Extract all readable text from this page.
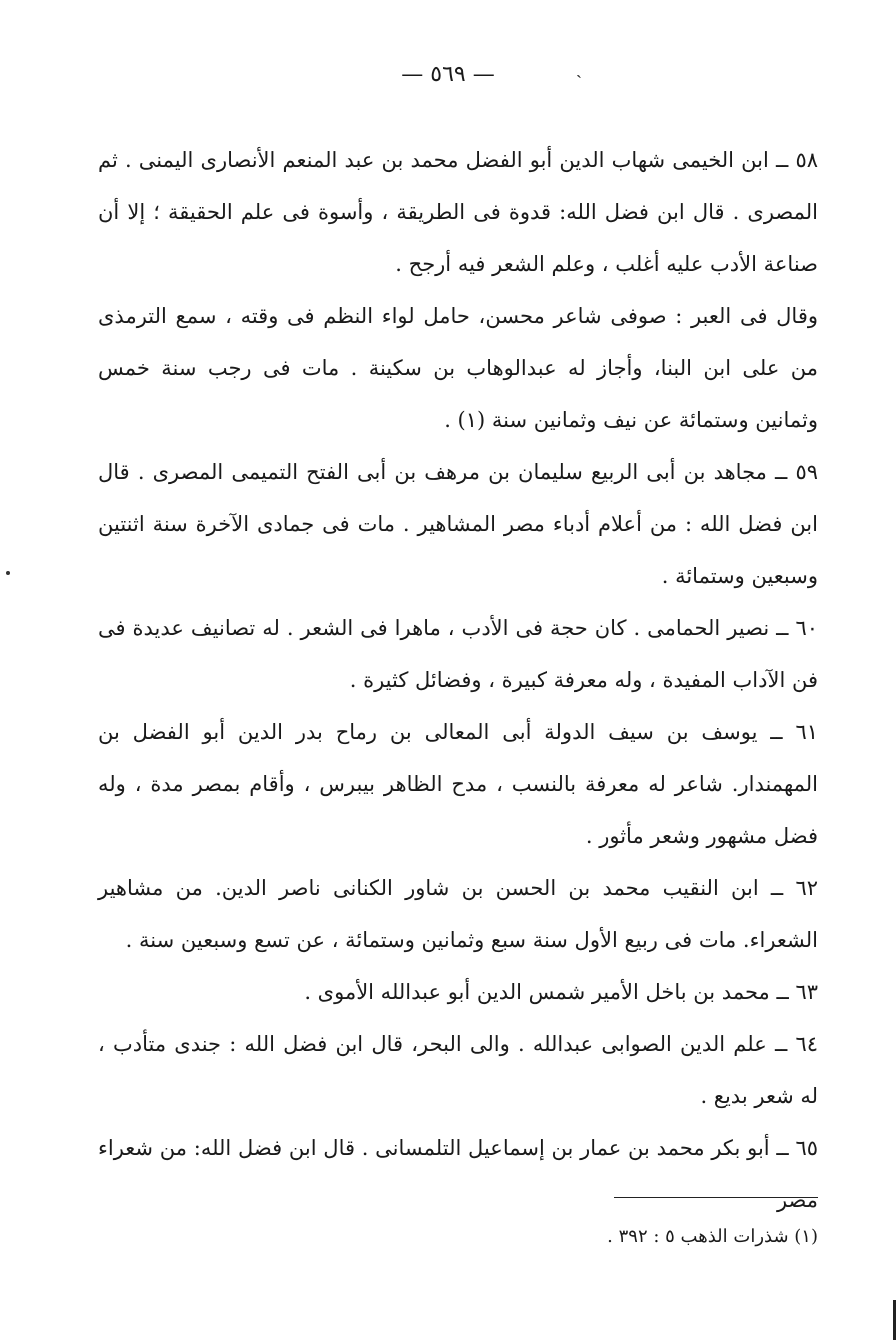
ˏ
— ٥٦٩ —

٥٨ ــ ابن الخيمى شهاب الدين أبو الفضل محمد بن عبد المنعم الأنصارى اليمنى . ثم المصرى . قال ابن فضل الله: قدوة فى الطريقة ، وأسوة فى علم الحقيقة ؛ إلا أن صناعة الأدب عليه أغلب ، وعلم الشعر فيه أرجح .

وقال فى العبر : صوفى شاعر محسن، حامل لواء النظم فى وقته ، سمع الترمذى من على ابن البنا، وأجاز له عبدالوهاب بن سكينة . مات فى رجب سنة خمس وثمانين وستمائة عن نيف وثمانين سنة (١) .

٥٩ ــ مجاهد بن أبى الربيع سليمان بن مرهف بن أبى الفتح التميمى المصرى . قال ابن فضل الله : من أعلام أدباء مصر المشاهير . مات فى جمادى الآخرة سنة اثنتين وسبعين وستمائة .

٦٠ ــ نصير الحمامى . كان حجة فى الأدب ، ماهرا فى الشعر . له تصانيف عديدة فى فن الآداب المفيدة ، وله معرفة كبيرة ، وفضائل كثيرة .

٦١ ــ يوسف بن سيف الدولة أبى المعالى بن رماح بدر الدين أبو الفضل بن المهمندار. شاعر له معرفة بالنسب ، مدح الظاهر بيبرس ، وأقام بمصر مدة ، وله فضل مشهور وشعر مأثور .

٦٢ ــ ابن النقيب محمد بن الحسن بن شاور الكنانى ناصر الدين. من مشاهير الشعراء. مات فى ربيع الأول سنة سبع وثمانين وستمائة ، عن تسع وسبعين سنة .

٦٣ ــ محمد بن باخل الأمير شمس الدين أبو عبدالله الأموى .

٦٤ ــ علم الدين الصوابى عبدالله . والى البحر، قال ابن فضل الله : جندى متأدب ، له شعر بديع .

٦٥ ــ أبو بكر محمد بن عمار بن إسماعيل التلمسانى . قال ابن فضل الله: من شعراء مصر

(١) شذرات الذهب ٥ : ٣٩٢ .
